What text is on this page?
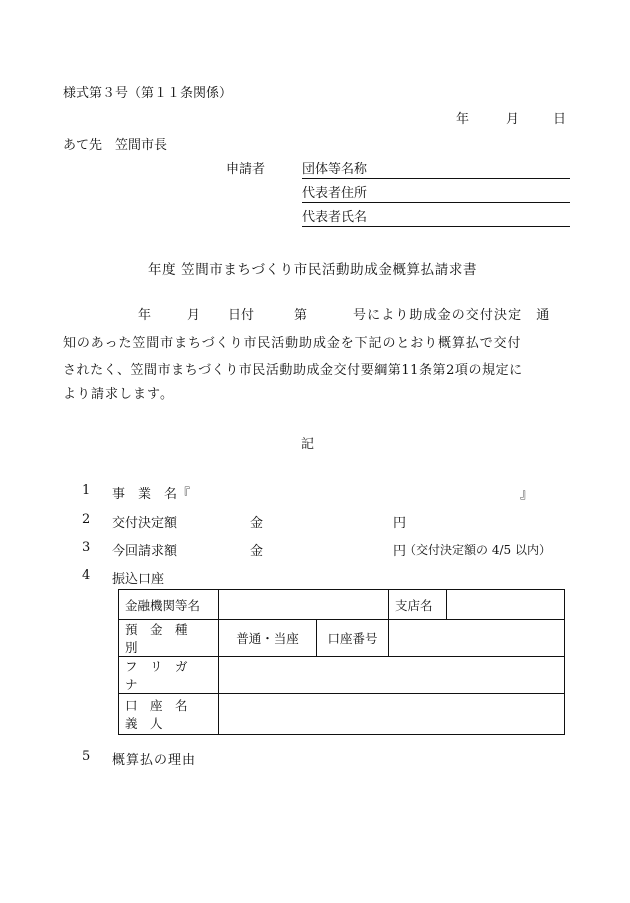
様式第３号（第１１条関係）
年	月	日
あて先　笠間市長
申請者	団体等名称
代表者住所
代表者氏名
年度 笠間市まちづくり市民活動助成金概算払請求書
年	月 日付	第	号により助成金の交付決定　通
知のあった笠間市まちづくり市民活動助成金を下記のとおり概算払で交付
されたく、笠間市まちづくり市民活動助成金交付要綱第11条第2項の規定に
より請求します。
記
1 事　業　名『	』
2 交付決定額	金	円
3 今回請求額	金	円
（交付決定額の 4/5 以内）
4 振込口座
金融機関等名			支店名	
預　金　種　別	普通・当座	口座番号		
フ　リ　ガ　ナ				
口　座　名　義　人				
5 概算払の理由
